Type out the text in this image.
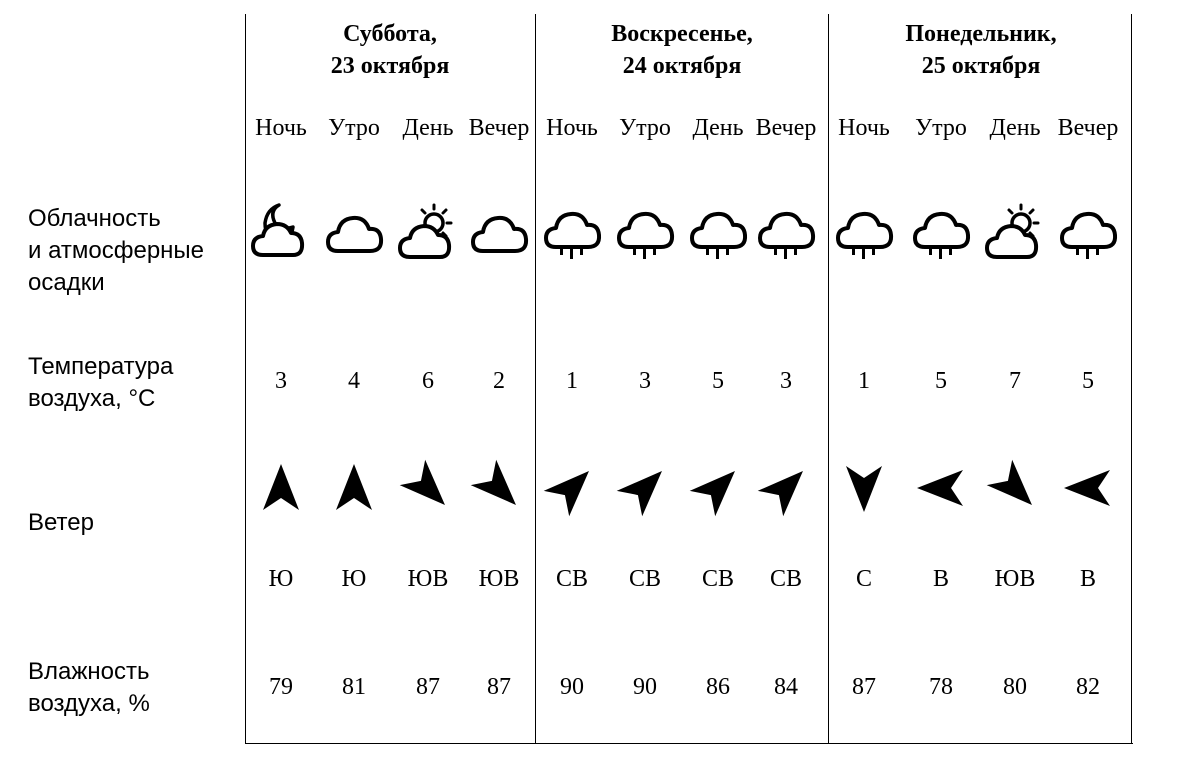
Облачность
и атмосферные
осадки
Температура
воздуха, °С
Ветер
Влажность
воздуха, %
Суббота,
23 октября
Воскресенье,
24 октября
Понедельник,
25 октября
Ночь
3
Ю
79
Утро
4
Ю
81
День
6
ЮВ
87
Вечер
2
ЮВ
87
Ночь
1
СВ
90
Утро
3
СВ
90
День
5
СВ
86
Вечер
3
СВ
84
Ночь
1
С
87
Утро
5
В
78
День
7
ЮВ
80
Вечер
5
В
82
